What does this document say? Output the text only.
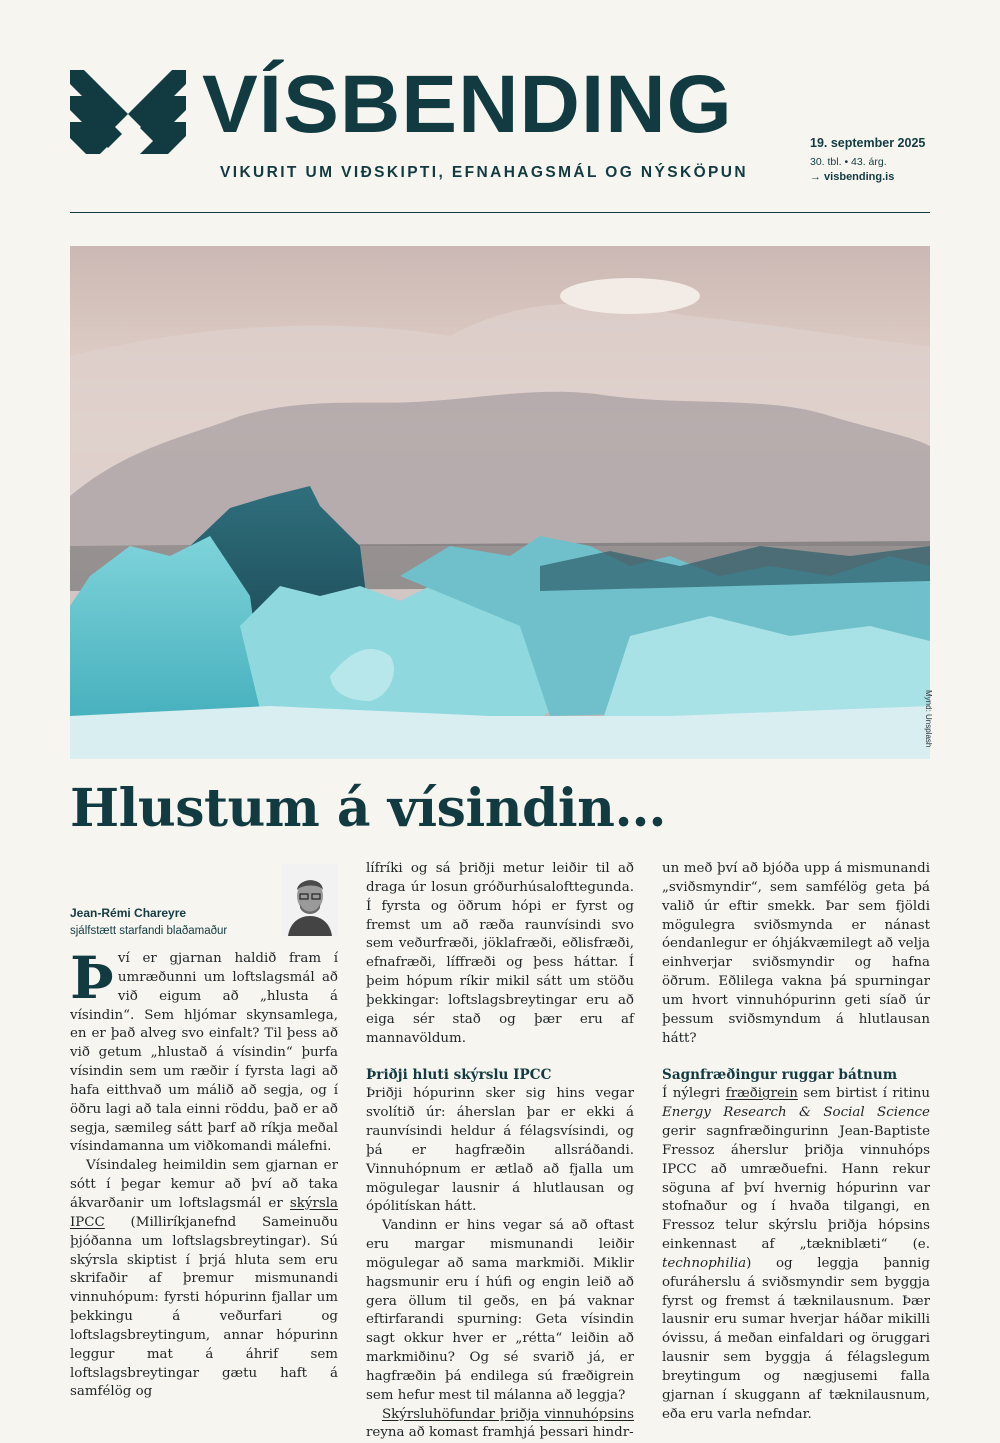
VÍSBENDING
VIKURIT UM VIÐSKIPTI, EFNAHAGSMÁL OG NÝSKÖPUN
19. september 2025
30. tbl. • 43. árg.
→ visbending.is
Mynd: Unsplash
Hlustum á vísindin…
Jean-Rémi Chareyre
sjálfstætt starfandi blaðamaður

Því er gjarnan haldið fram í umræðunni um loftslagsmál að við eigum að „hlusta á vísindin“. Sem hljómar skynsamlega, en er það alveg svo einfalt? Til þess að við getum „hlustað á vísindin“ þurfa vísindin sem um ræðir í fyrsta lagi að hafa eitthvað um málið að segja, og í öðru lagi að tala einni röddu, það er að segja, sæmileg sátt þarf að ríkja meðal vísindamanna um viðkomandi málefni.

Vísindaleg heimildin sem gjarnan er sótt í þegar kemur að því að taka ákvarðanir um loftslagsmál er skýrsla IPCC (Milliríkjanefnd Sameinuðu þjóðanna um loftslagsbreytingar). Sú skýrsla skiptist í þrjá hluta sem eru skrifaðir af þremur mismunandi vinnuhópum: fyrsti hópurinn fjallar um þekkingu á veðurfari og loftslagsbreytingum, annar hópurinn leggur mat á áhrif sem loftslagsbreytingar gætu haft á samfélög og

lífríki og sá þriðji metur leiðir til að draga úr losun gróðurhúsalofttegunda. Í fyrsta og öðrum hópi er fyrst og fremst um að ræða raunvísindi svo sem veðurfræði, jöklafræði, eðlisfræði, efnafræði, líffræði og þess háttar. Í þeim hópum ríkir mikil sátt um stöðu þekkingar: loftslagsbreytingar eru að eiga sér stað og þær eru af mannavöldum.

Þriðji hluti skýrslu IPCC

Þriðji hópurinn sker sig hins vegar svolítið úr: áherslan þar er ekki á raunvísindi heldur á félagsvísindi, og þá er hagfræðin allsráðandi. Vinnuhópnum er ætlað að fjalla um mögulegar lausnir á hlutlausan og ópólitískan hátt.

Vandinn er hins vegar sá að oftast eru margar mismunandi leiðir mögulegar að sama markmiði. Miklir hagsmunir eru í húfi og engin leið að gera öllum til geðs, en þá vaknar eftirfarandi spurning: Geta vísindin sagt okkur hver er „rétta“ leiðin að markmiðinu? Og sé svarið já, er hagfræðin þá endilega sú fræðigrein sem hefur mest til málanna að leggja?

Skýrsluhöfundar þriðja vinnuhópsins reyna að komast framhjá þessari hindr-

un með því að bjóða upp á mismunandi „sviðsmyndir“, sem samfélög geta þá valið úr eftir smekk. Þar sem fjöldi mögulegra sviðsmynda er nánast óendanlegur er óhjákvæmilegt að velja einhverjar sviðsmyndir og hafna öðrum. Eðlilega vakna þá spurningar um hvort vinnuhópurinn geti síað úr þessum sviðsmyndum á hlutlausan hátt?

Sagnfræðingur ruggar bátnum

Í nýlegri fræðigrein sem birtist í ritinu Energy Research & Social Science gerir sagnfræðingurinn Jean-Baptiste Fressoz áherslur þriðja vinnuhóps IPCC að umræðuefni. Hann rekur söguna af því hvernig hópurinn var stofnaður og í hvaða tilgangi, en Fressoz telur skýrslu þriðja hópsins einkennast af „tækniblæti“ (e. technophilia) og leggja þannig ofuráherslu á sviðsmyndir sem byggja fyrst og fremst á tæknilausnum. Þær lausnir eru sumar hverjar háðar mikilli óvissu, á meðan einfaldari og öruggari lausnir sem byggja á félagslegum breytingum og nægjusemi falla gjarnan í skuggann af tæknilausnum, eða eru varla nefndar.
